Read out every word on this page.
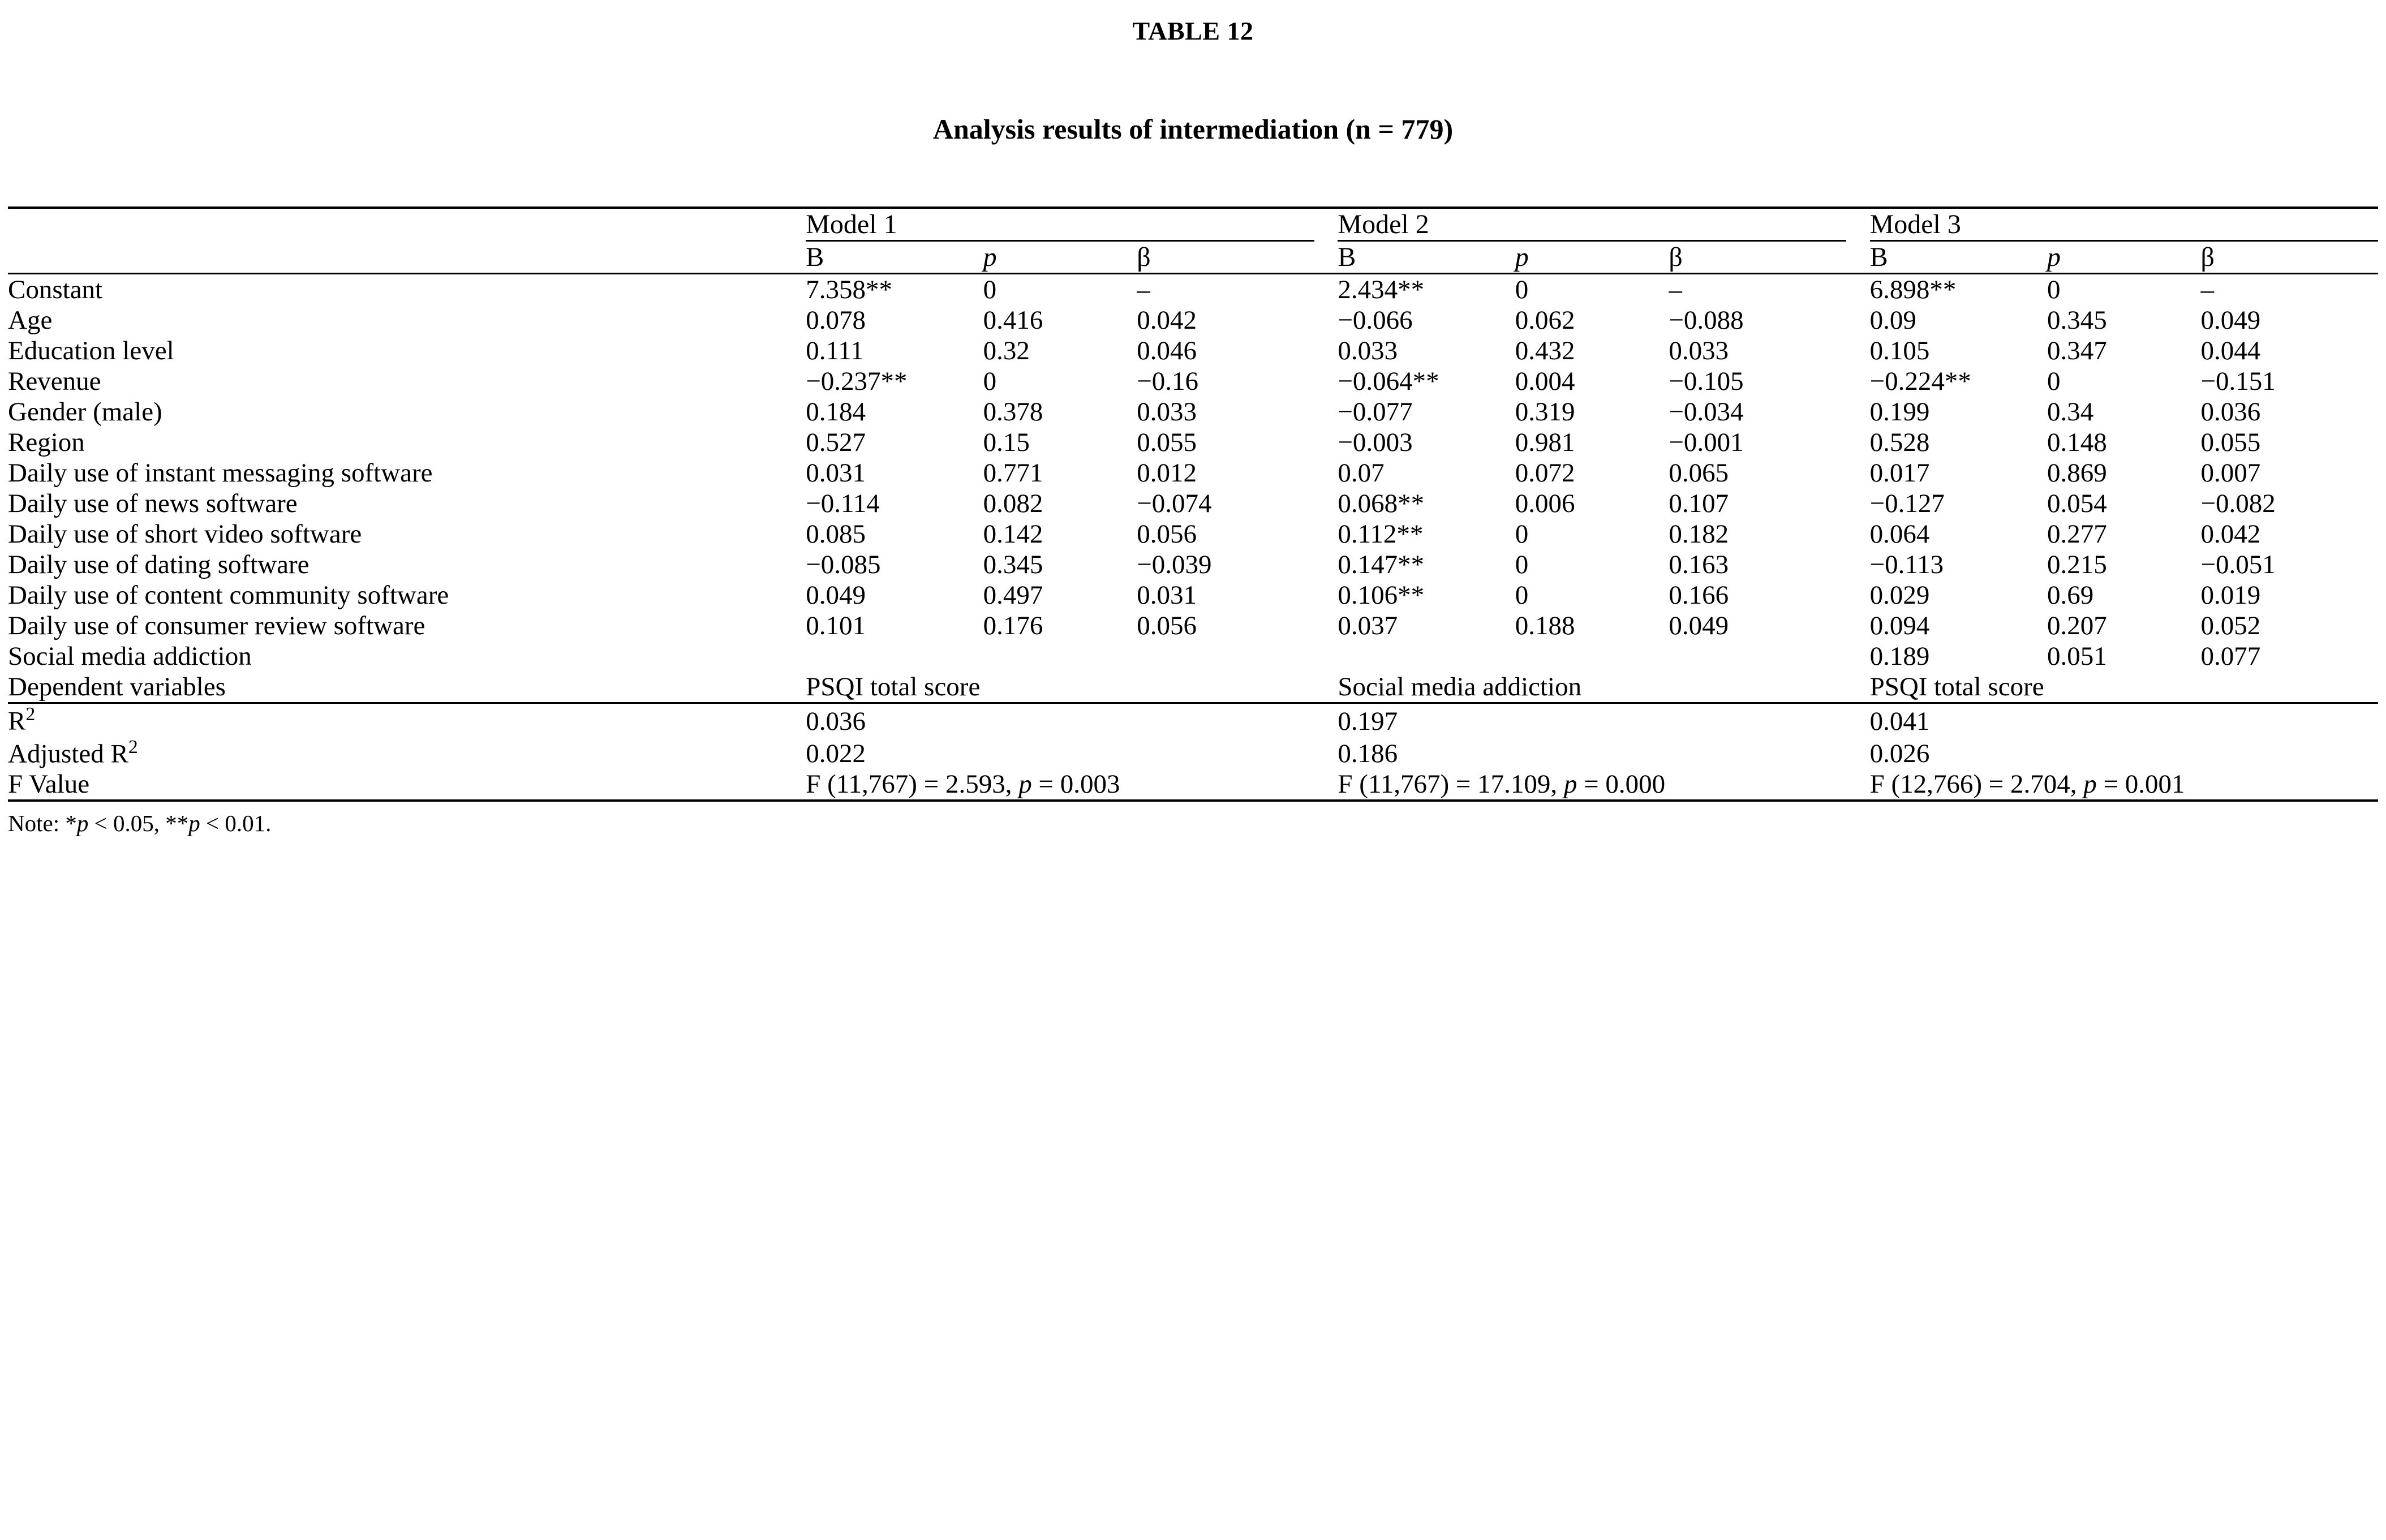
TABLE 12
Analysis results of intermediation (n = 779)
	Model 1				Model 2				Model 3		
	B	p	β		B	p	β		B	p	β
Constant	7.358**	0	–		2.434**	0	–		6.898**	0	–
Age	0.078	0.416	0.042		−0.066	0.062	−0.088		0.09	0.345	0.049
Education level	0.111	0.32	0.046		0.033	0.432	0.033		0.105	0.347	0.044
Revenue	−0.237**	0	−0.16		−0.064**	0.004	−0.105		−0.224**	0	−0.151
Gender (male)	0.184	0.378	0.033		−0.077	0.319	−0.034		0.199	0.34	0.036
Region	0.527	0.15	0.055		−0.003	0.981	−0.001		0.528	0.148	0.055
Daily use of instant messaging software	0.031	0.771	0.012		0.07	0.072	0.065		0.017	0.869	0.007
Daily use of news software	−0.114	0.082	−0.074		0.068**	0.006	0.107		−0.127	0.054	−0.082
Daily use of short video software	0.085	0.142	0.056		0.112**	0	0.182		0.064	0.277	0.042
Daily use of dating software	−0.085	0.345	−0.039		0.147**	0	0.163		−0.113	0.215	−0.051
Daily use of content community software	0.049	0.497	0.031		0.106**	0	0.166		0.029	0.69	0.019
Daily use of consumer review software	0.101	0.176	0.056		0.037	0.188	0.049		0.094	0.207	0.052
Social media addiction									0.189	0.051	0.077
Dependent variables	PSQI total score				Social media addiction				PSQI total score		
$R^2$	0.036				0.197				0.041		
Adjusted $R^2$	0.022				0.186				0.026		
F Value	F (11,767) = 2.593, p = 0.003				F (11,767) = 17.109, p = 0.000				F (12,766) = 2.704, p = 0.001		
Note: *p < 0.05, **p < 0.01.
